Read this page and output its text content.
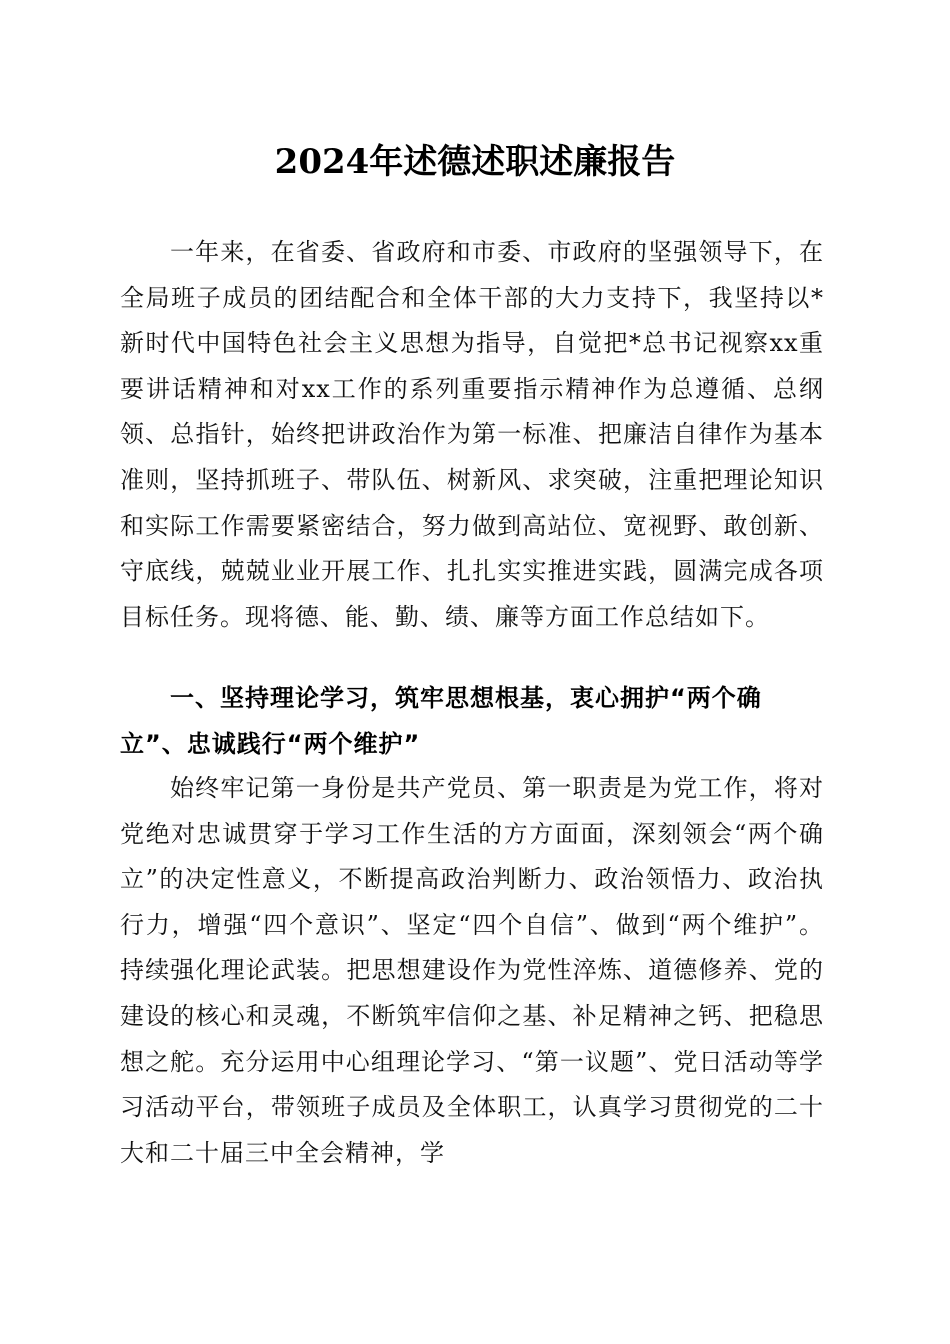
2024年述德述职述廉报告

一年来，在省委、省政府和市委、市政府的坚强领导下，在全局班子成员的团结配合和全体干部的大力支持下，我坚持以*新时代中国特色社会主义思想为指导，自觉把*总书记视察xx重要讲话精神和对xx工作的系列重要指示精神作为总遵循、总纲领、总指针，始终把讲政治作为第一标准、把廉洁自律作为基本准则，坚持抓班子、带队伍、树新风、求突破，注重把理论知识和实际工作需要紧密结合，努力做到高站位、宽视野、敢创新、守底线，兢兢业业开展工作、扎扎实实推进实践，圆满完成各项目标任务。现将德、能、勤、绩、廉等方面工作总结如下。

一、坚持理论学习，筑牢思想根基，衷心拥护“两个确立”、忠诚践行“两个维护”

始终牢记第一身份是共产党员、第一职责是为党工作，将对党绝对忠诚贯穿于学习工作生活的方方面面，深刻领会“两个确立”的决定性意义，不断提高政治判断力、政治领悟力、政治执行力，增强“四个意识”、坚定“四个自信”、做到“两个维护”。持续强化理论武装。把思想建设作为党性淬炼、道德修养、党的建设的核心和灵魂，不断筑牢信仰之基、补足精神之钙、把稳思想之舵。充分运用中心组理论学习、“第一议题”、党日活动等学习活动平台，带领班子成员及全体职工，认真学习贯彻党的二十大和二十届三中全会精神，学
